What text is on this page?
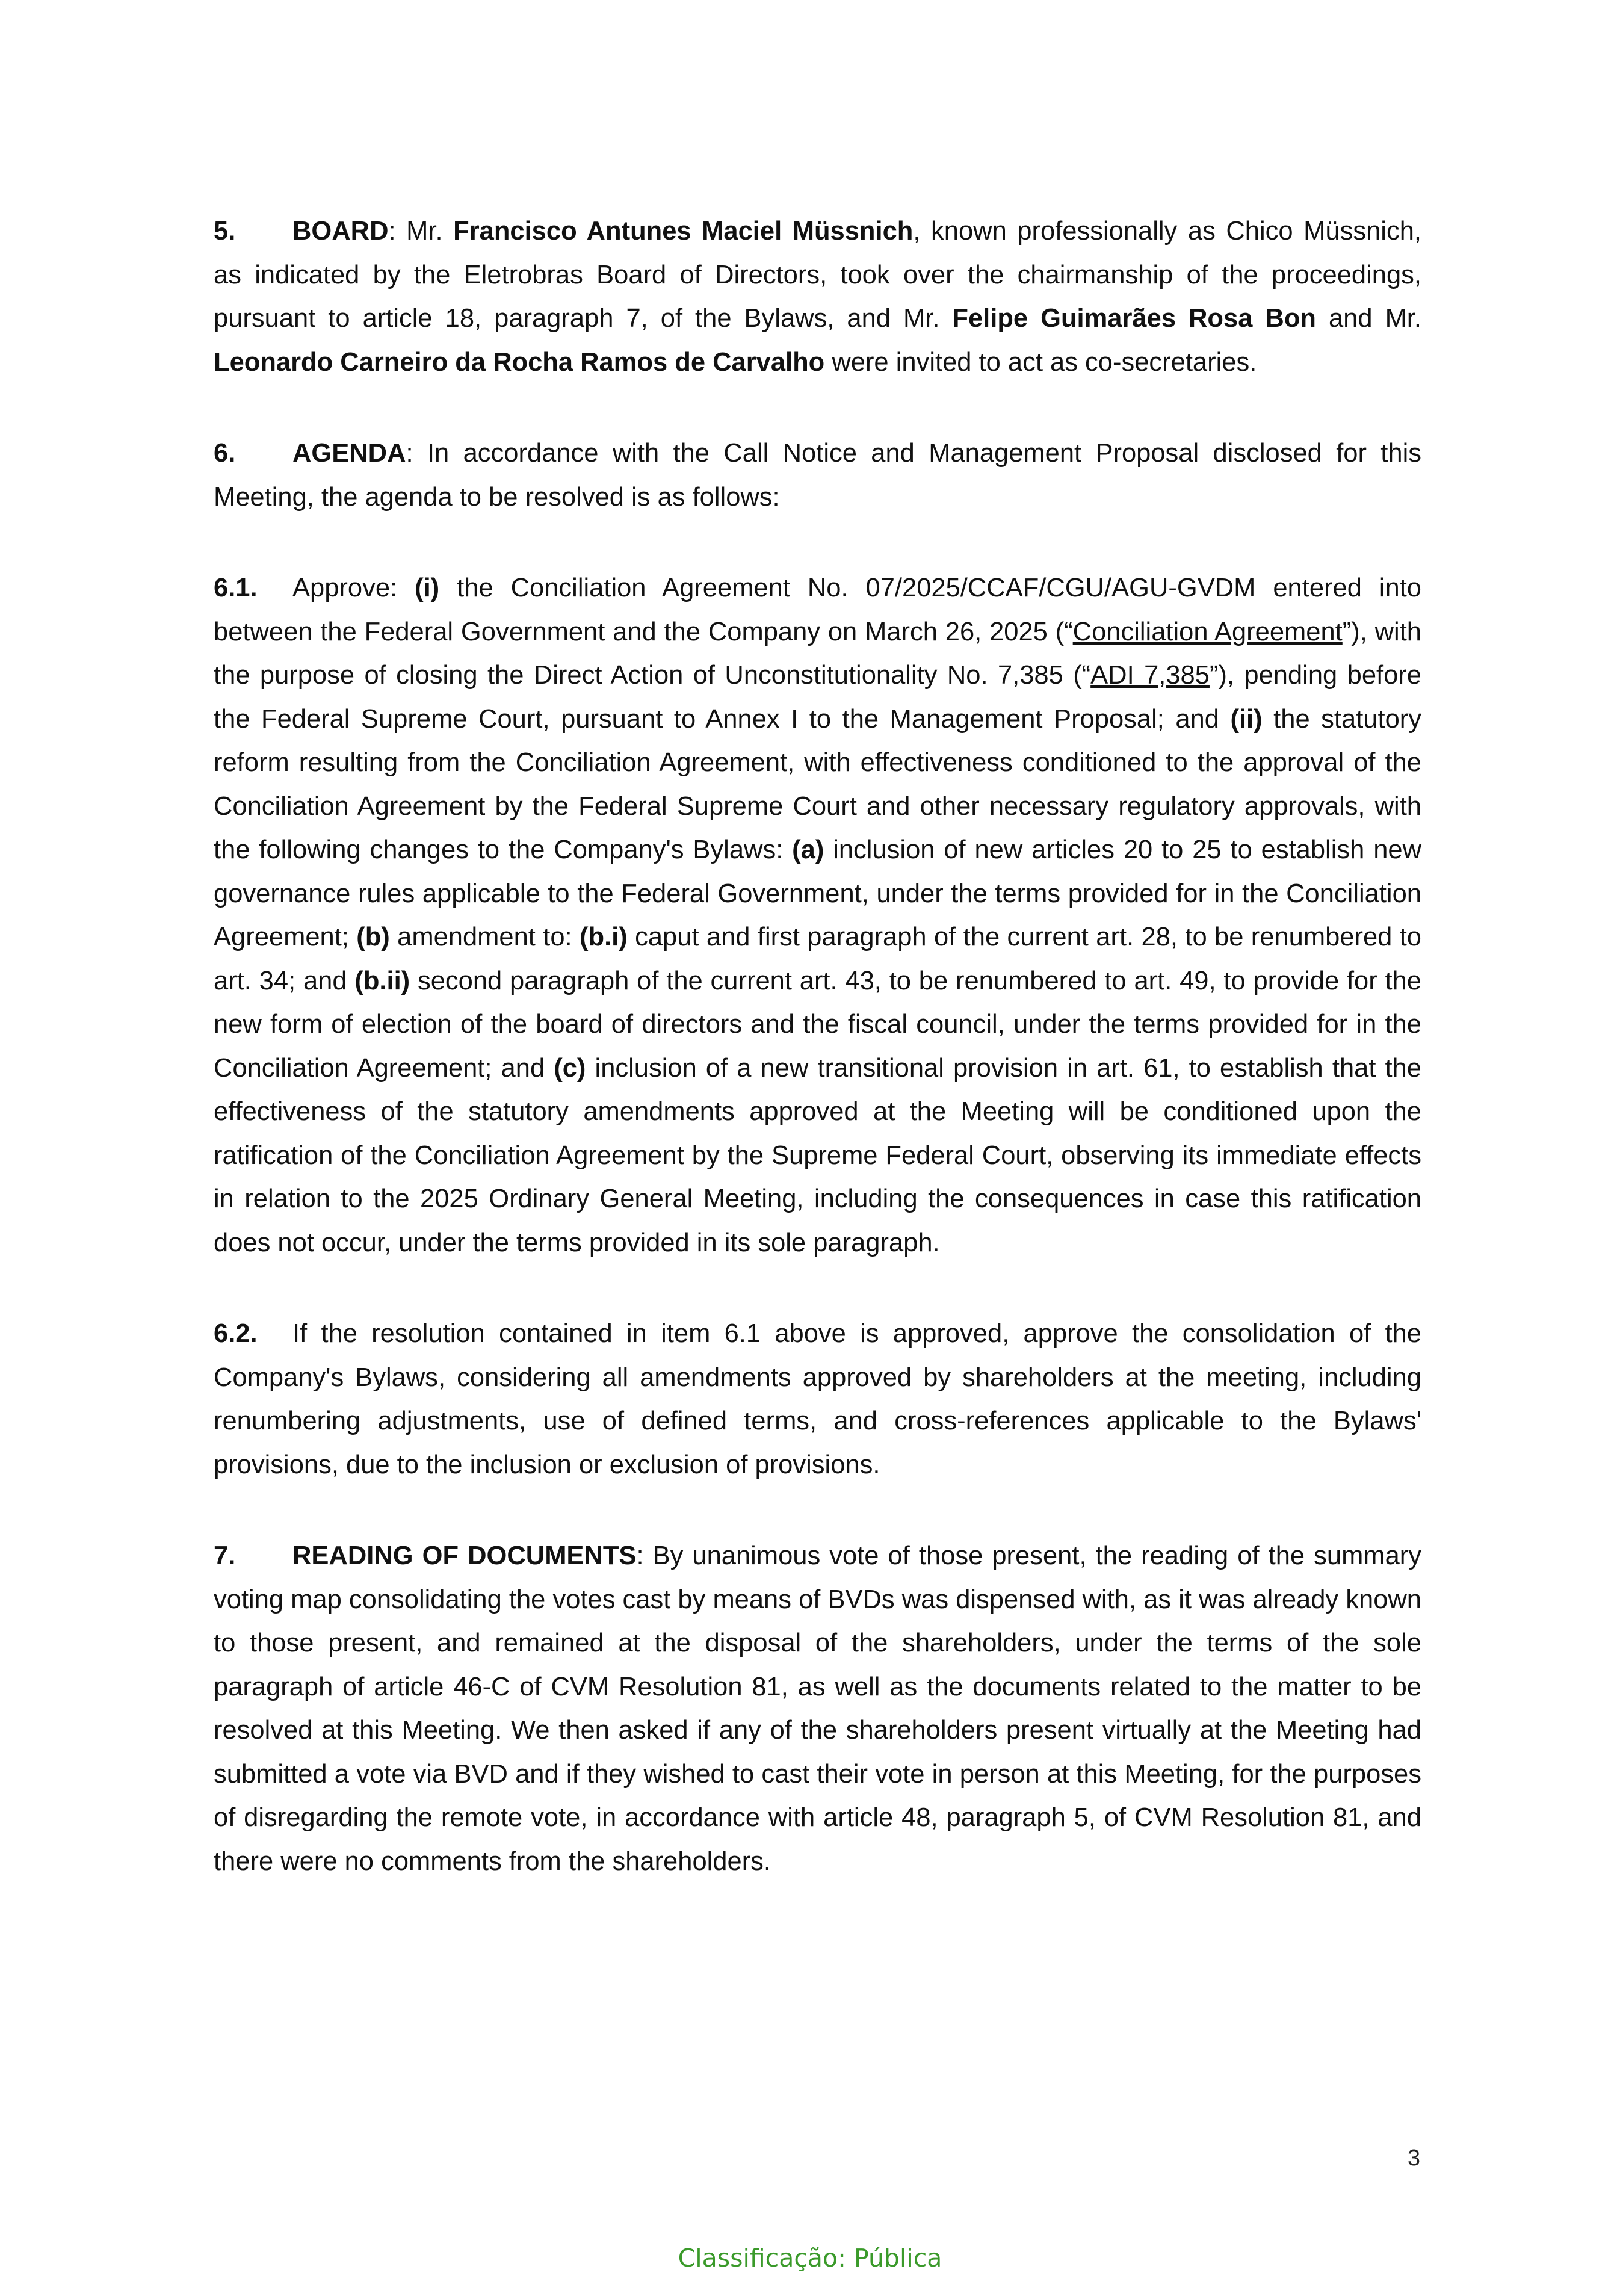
5. BOARD: Mr. Francisco Antunes Maciel Müssnich, known professionally as Chico Müssnich, as indicated by the Eletrobras Board of Directors, took over the chairmanship of the proceedings, pursuant to article 18, paragraph 7, of the Bylaws, and Mr. Felipe Guimarães Rosa Bon and Mr. Leonardo Carneiro da Rocha Ramos de Carvalho were invited to act as co-secretaries.

6. AGENDA: In accordance with the Call Notice and Management Proposal disclosed for this Meeting, the agenda to be resolved is as follows:

6.1. Approve: (i) the Conciliation Agreement No. 07/2025/CCAF/CGU/AGU-GVDM entered into between the Federal Government and the Company on March 26, 2025 (“Conciliation Agreement”), with the purpose of closing the Direct Action of Unconstitutionality No. 7,385 (“ADI 7,385”), pending before the Federal Supreme Court, pursuant to Annex I to the Management Proposal; and (ii) the statutory reform resulting from the Conciliation Agreement, with effectiveness conditioned to the approval of the Conciliation Agreement by the Federal Supreme Court and other necessary regulatory approvals, with the following changes to the Company's Bylaws: (a) inclusion of new articles 20 to 25 to establish new governance rules applicable to the Federal Government, under the terms provided for in the Conciliation Agreement; (b) amendment to: (b.i) caput and first paragraph of the current art. 28, to be renumbered to art. 34; and (b.ii) second paragraph of the current art. 43, to be renumbered to art. 49, to provide for the new form of election of the board of directors and the fiscal council, under the terms provided for in the Conciliation Agreement; and (c) inclusion of a new transitional provision in art. 61, to establish that the effectiveness of the statutory amendments approved at the Meeting will be conditioned upon the ratification of the Conciliation Agreement by the Supreme Federal Court, observing its immediate effects in relation to the 2025 Ordinary General Meeting, including the consequences in case this ratification does not occur, under the terms provided in its sole paragraph.

6.2. If the resolution contained in item 6.1 above is approved, approve the consolidation of the Company's Bylaws, considering all amendments approved by shareholders at the meeting, including renumbering adjustments, use of defined terms, and cross-references applicable to the Bylaws' provisions, due to the inclusion or exclusion of provisions.

7. READING OF DOCUMENTS: By unanimous vote of those present, the reading of the summary voting map consolidating the votes cast by means of BVDs was dispensed with, as it was already known to those present, and remained at the disposal of the shareholders, under the terms of the sole paragraph of article 46-C of CVM Resolution 81, as well as the documents related to the matter to be resolved at this Meeting. We then asked if any of the shareholders present virtually at the Meeting had submitted a vote via BVD and if they wished to cast their vote in person at this Meeting, for the purposes of disregarding the remote vote, in accordance with article 48, paragraph 5, of CVM Resolution 81, and there were no comments from the shareholders.

3
Classificação: Pública
